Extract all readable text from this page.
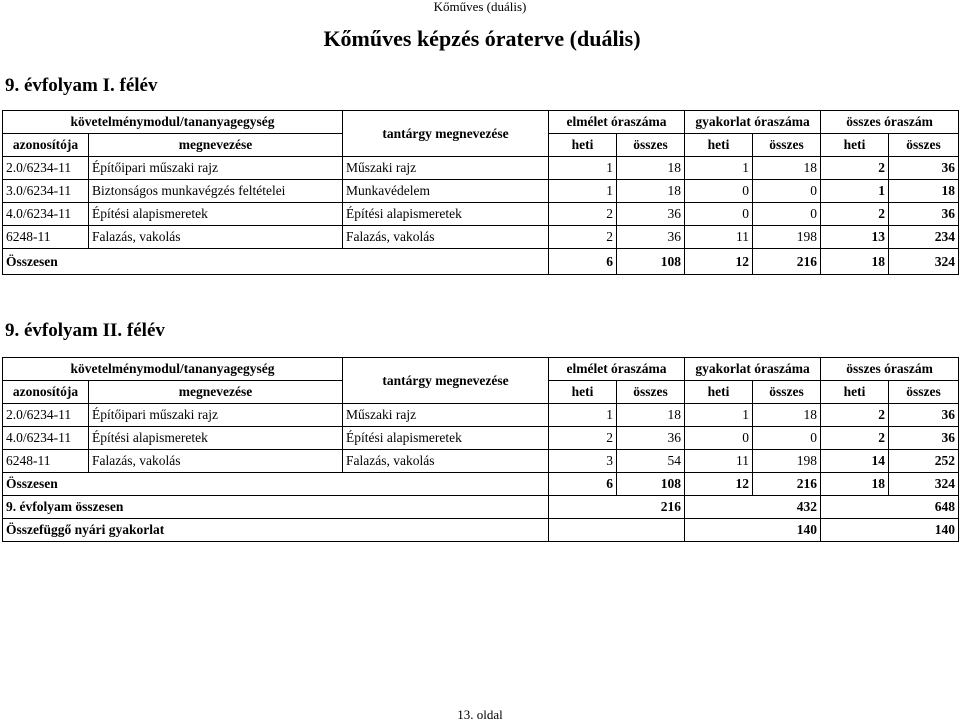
Kőműves (duális)
Kőműves képzés óraterve (duális)
9. évfolyam I. félév
követelménymodul/tananyagegység		tantárgy megnevezése	elmélet óraszáma		gyakorlat óraszáma		összes óraszám	
azonosítója	megnevezése		heti	összes	heti	összes	heti	összes
2.0/6234-11	Építőipari műszaki rajz	Műszaki rajz	1	18	1	18	2	36
3.0/6234-11	Biztonságos munkavégzés feltételei	Munkavédelem	1	18	0	0	1	18
4.0/6234-11	Építési alapismeretek	Építési alapismeretek	2	36	0	0	2	36
6248-11	Falazás, vakolás	Falazás, vakolás	2	36	11	198	13	234
Összesen			6	108	12	216	18	324
9. évfolyam II. félév
követelménymodul/tananyagegység		tantárgy megnevezése	elmélet óraszáma		gyakorlat óraszáma		összes óraszám	
azonosítója	megnevezése		heti	összes	heti	összes	heti	összes
2.0/6234-11	Építőipari műszaki rajz	Műszaki rajz	1	18	1	18	2	36
4.0/6234-11	Építési alapismeretek	Építési alapismeretek	2	36	0	0	2	36
6248-11	Falazás, vakolás	Falazás, vakolás	3	54	11	198	14	252
Összesen			6	108	12	216	18	324
9. évfolyam összesen				216		432		648
Összefüggő nyári gyakorlat						140		140
13. oldal
